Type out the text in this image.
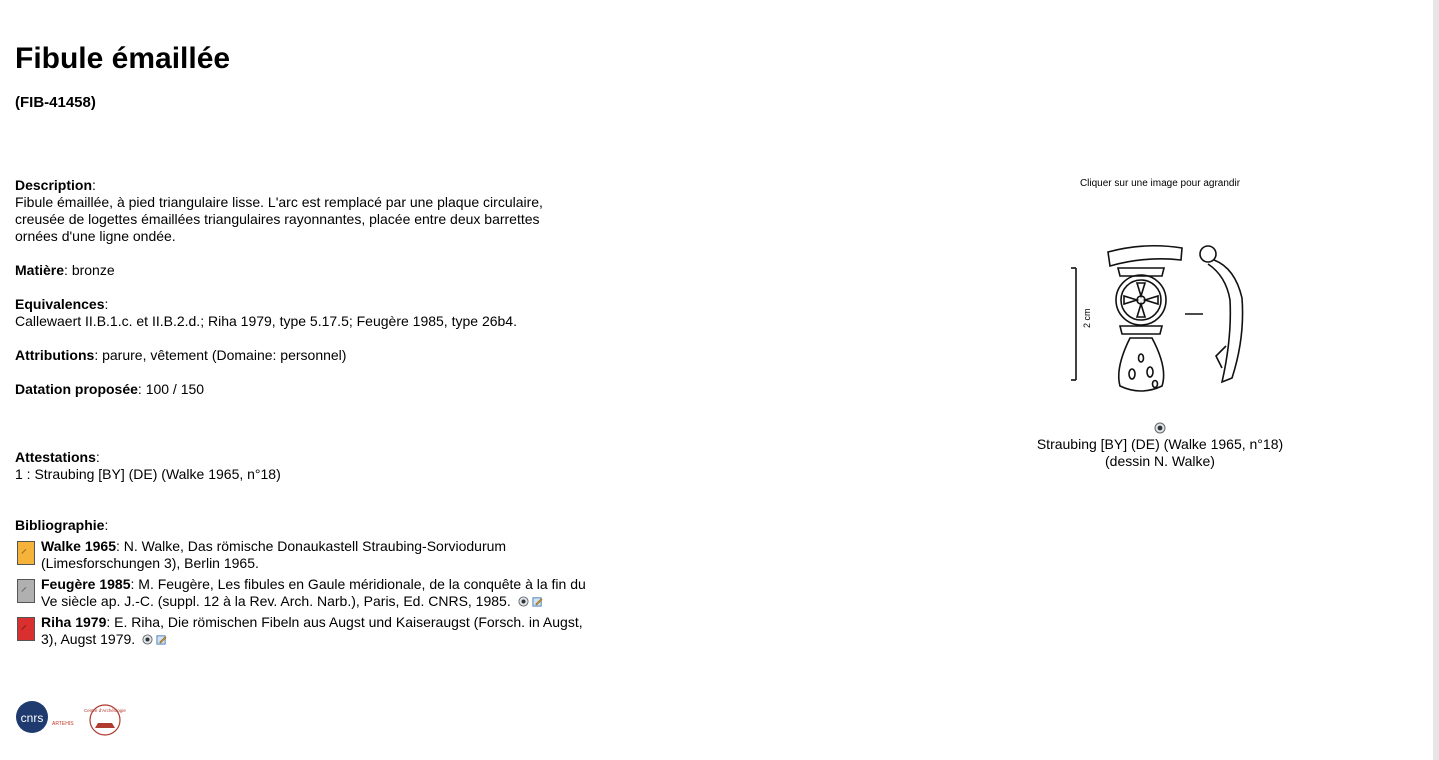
Fibule émaillée
(FIB-41458)
Description:
Fibule émaillée, à pied triangulaire lisse. L'arc est remplacé par une plaque circulaire, creusée de logettes émaillées triangulaires rayonnantes, placée entre deux barrettes ornées d'une ligne ondée.
Matière: bronze
Equivalences:
Callewaert II.B.1.c. et II.B.2.d.; Riha 1979, type 5.17.5; Feugère 1985, type 26b4.
Attributions: parure, vêtement (Domaine: personnel)
Datation proposée: 100 / 150
Attestations:
1 : Straubing [BY] (DE) (Walke 1965, n°18)
Bibliographie:
Walke 1965: N. Walke, Das römische Donaukastell Straubing-Sorviodurum (Limesforschungen 3), Berlin 1965.
Feugère 1985: M. Feugère, Les fibules en Gaule méridionale, de la conquête à la fin du Ve siècle ap. J.-C. (suppl. 12 à la Rev. Arch. Narb.), Paris, Ed. CNRS, 1985.
Riha 1979: E. Riha, Die römischen Fibeln aus Augst und Kaiseraugst (Forsch. in Augst, 3), Augst 1979.
Cliquer sur une image pour agrandir
2 cm
Straubing [BY] (DE) (Walke 1965, n°18)
(dessin N. Walke)
cnrs ARTEHIS
Centre d'Archéologie
